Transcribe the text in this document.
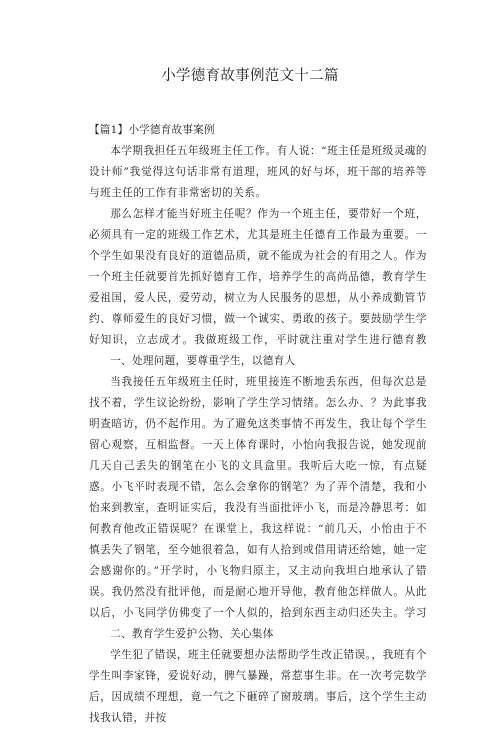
小学德育故事例范文十二篇
【篇1】小学德育故事案例

本学期我担任五年级班主任工作。有人说：“班主任是班级灵魂的设计师”我觉得这句话非常有道理，班风的好与坏，班干部的培养等与班主任的工作有非常密切的关系。

那么怎样才能当好班主任呢？作为一个班主任，要带好一个班，必须具有一定的班级工作艺术，尤其是班主任德育工作最为重要。一个学生如果没有良好的道德品质，就不能成为社会的有用之人。作为一个班主任就要首先抓好德育工作，培养学生的高尚品德，教育学生爱祖国，爱人民，爱劳动，树立为人民服务的思想，从小养成勤管节约、尊师爱生的良好习惯，做一个诚实、勇敢的孩子。要鼓励学生学好知识，立志成才。我做班级工作，平时就注重对学生进行德育教

一、处理问题，要尊重学生，以德育人

当我接任五年级班主任时，班里接连不断地丢东西，但每次总是找不着，学生议论纷纷，影响了学生学习情绪。怎么办、？为此事我明查暗访，仍不起作用。为了避免这类事情不再发生，我让每个学生留心观察，互相监督。一天上体育课时，小怡向我报告说，她发现前几天自己丢失的钢笔在小飞的文具盒里。我听后大吃一惊，有点疑惑。小飞平时表现不错，怎么会拿你的钢笔？为了弄个清楚，我和小怡来到教室，查明证实后，我没有当面批评小飞，而是冷静思考：如何教育他改正错误呢？在课堂上，我这样说：“前几天，小怡由于不慎丢失了钢笔，至今她很着急，如有人拾到或借用请还给她，她一定会感谢你的。”开学时，小飞物归原主，又主动向我坦白地承认了错误。我仍然没有批评他，而是耐心地开导他，教育他怎样做人。从此以后，小飞同学仿佛变了一个人似的，拾到东西主动归还失主。学习

二、教育学生爱护公物、关心集体

学生犯了错误，班主任就要想办法帮助学生改正错误。，我班有个学生叫李家锋，爱说好动，脾气暴躁，常惹事生非。在一次考完数学后，因成绩不理想，竟一气之下砸碎了窗玻璃。事后，这个学生主动找我认错，并按
